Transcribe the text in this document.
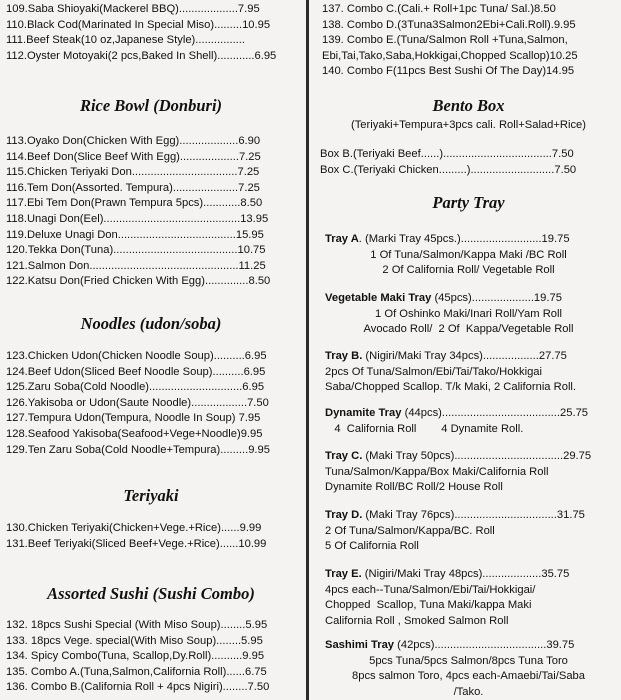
109.Saba Shioyaki(Mackerel BBQ)...................7.95
110.Black Cod(Marinated In Special Miso).........10.95
111.Beef Steak(10 oz,Japanese Style)................
112.Oyster Motoyaki(2 pcs,Baked In Shell)............6.95
Rice Bowl (Donburi)
113.Oyako Don(Chicken With Egg)...................6.90
114.Beef Don(Slice Beef With Egg)...................7.25
115.Chicken Teriyaki Don..................................7.25
116.Tem Don(Assorted. Tempura).....................7.25
117.Ebi Tem Don(Prawn Tempura 5pcs)............8.50
118.Unagi Don(Eel)............................................13.95
119.Deluxe Unagi Don......................................15.95
120.Tekka Don(Tuna)........................................10.75
121.Salmon Don................................................11.25
122.Katsu Don(Fried Chicken With Egg)..............8.50
Noodles (udon/soba)
123.Chicken Udon(Chicken Noodle Soup)..........6.95
124.Beef Udon(Sliced Beef Noodle Soup)..........6.95
125.Zaru Soba(Cold Noodle)..............................6.95
126.Yakisoba or Udon(Saute Noodle)..................7.50
127.Tempura Udon(Tempura, Noodle In Soup) 7.95
128.Seafood Yakisoba(Seafood+Vege+Noodle)9.95
129.Ten Zaru Soba(Cold Noodle+Tempura).........9.95
Teriyaki
130.Chicken Teriyaki(Chicken+Vege.+Rice)......9.99
131.Beef Teriyaki(Sliced Beef+Vege.+Rice)......10.99
Assorted Sushi (Sushi Combo)
132. 18pcs Sushi Special (With Miso Soup)........5.95
133. 18pcs Vege. special(With Miso Soup)........5.95
134. Spicy Combo(Tuna, Scallop,Dy.Roll)..........9.95
135. Combo A.(Tuna,Salmon,California Roll)......6.75
136. Combo B.(California Roll + 4pcs Nigiri)........7.50
137. Combo C.(Cali.+ Roll+1pc Tuna/ Sal.)8.50
138. Combo D.(3Tuna3Salmon2Ebi+Cali.Roll).9.95
139. Combo E.(Tuna/Salmon Roll +Tuna,Salmon,
Ebi,Tai,Tako,Saba,Hokkigai,Chopped Scallop)10.25
140. Combo F(11pcs Best Sushi Of The Day)14.95
Bento Box
(Teriyaki+Tempura+3pcs cali. Roll+Salad+Rice)
Box B.(Teriyaki Beef......)...................................7.50
Box C.(Teriyaki Chicken.........)...........................7.50
Party Tray
Tray A. (Marki Tray 45pcs.)..........................19.75
1 Of Tuna/Salmon/Kappa Maki /BC Roll
2 Of California Roll/ Vegetable Roll
Vegetable Maki Tray (45pcs)....................19.75
1 Of Oshinko Maki/Inari Roll/Yam Roll
Avocado Roll/  2 Of  Kappa/Vegetable Roll
Tray B. (Nigiri/Maki Tray 34pcs)..................27.75
2pcs Of Tuna/Salmon/Ebi/Tai/Tako/Hokkigai
Saba/Chopped Scallop. T/k Maki, 2 California Roll.
Dynamite Tray (44pcs)......................................25.75
4  California Roll        4 Dynamite Roll.
Tray C. (Maki Tray 50pcs)...................................29.75
Tuna/Salmon/Kappa/Box Maki/California Roll
Dynamite Roll/BC Roll/2 House Roll
Tray D. (Maki Tray 76pcs).................................31.75
2 Of Tuna/Salmon/Kappa/BC. Roll
5 Of California Roll
Tray E. (Nigiri/Maki Tray 48pcs)...................35.75
4pcs each--Tuna/Salmon/Ebi/Tai/Hokkigai/
Chopped  Scallop, Tuna Maki/kappa Maki
California Roll , Smoked Salmon Roll
Sashimi Tray (42pcs)....................................39.75
5pcs Tuna/5pcs Salmon/8pcs Tuna Toro
8pcs salmon Toro, 4pcs each-Amaebi/Tai/Saba
/Tako.
